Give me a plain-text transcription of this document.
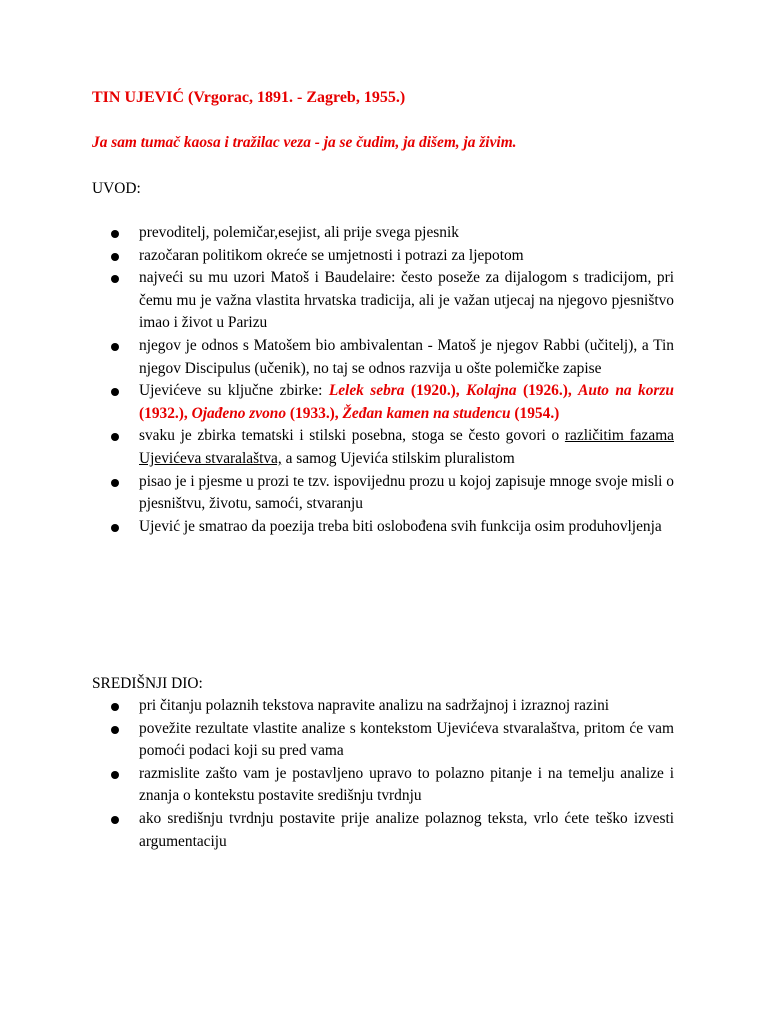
TIN UJEVIĆ (Vrgorac, 1891. - Zagreb, 1955.)

Ja sam tumač kaosa i tražilac veza - ja se čudim, ja dišem, ja živim.

UVOD:
prevoditelj, polemičar,esejist, ali prije svega pjesnik
razočaran politikom okreće se umjetnosti i potrazi za ljepotom
najveći su mu uzori Matoš i Baudelaire: često poseže za dijalogom s tradicijom, pri čemu mu je važna vlastita hrvatska tradicija, ali je važan utjecaj na njegovo pjesništvo imao i život u Parizu
njegov je odnos s Matošem bio ambivalentan - Matoš je njegov Rabbi (učitelj), a Tin njegov Discipulus (učenik), no taj se odnos razvija u ošte polemičke zapise
Ujevićeve su ključne zbirke: Lelek sebra (1920.), Kolajna (1926.), Auto na korzu (1932.), Ojađeno zvono (1933.), Žeđan kamen na studencu (1954.)
svaku je zbirka tematski i stilski posebna, stoga se često govori o različitim fazama Ujevićeva stvaralaštva, a samog Ujevića stilskim pluralistom
pisao je i pjesme u prozi te tzv. ispovijednu prozu u kojoj zapisuje mnoge svoje misli o pjesništvu, životu, samoći, stvaranju
Ujević je smatrao da poezija treba biti oslobođena svih funkcija osim produhovljenja
SREDIŠNJI DIO:
pri čitanju polaznih tekstova napravite analizu na sadržajnoj i izraznoj razini
povežite rezultate vlastite analize s kontekstom Ujevićeva stvaralaštva, pritom će vam pomoći podaci koji su pred vama
razmislite zašto vam je postavljeno upravo to polazno pitanje i na temelju analize i znanja o kontekstu postavite središnju tvrdnju
ako središnju tvrdnju postavite prije analize polaznog teksta, vrlo ćete teško izvesti argumentaciju
